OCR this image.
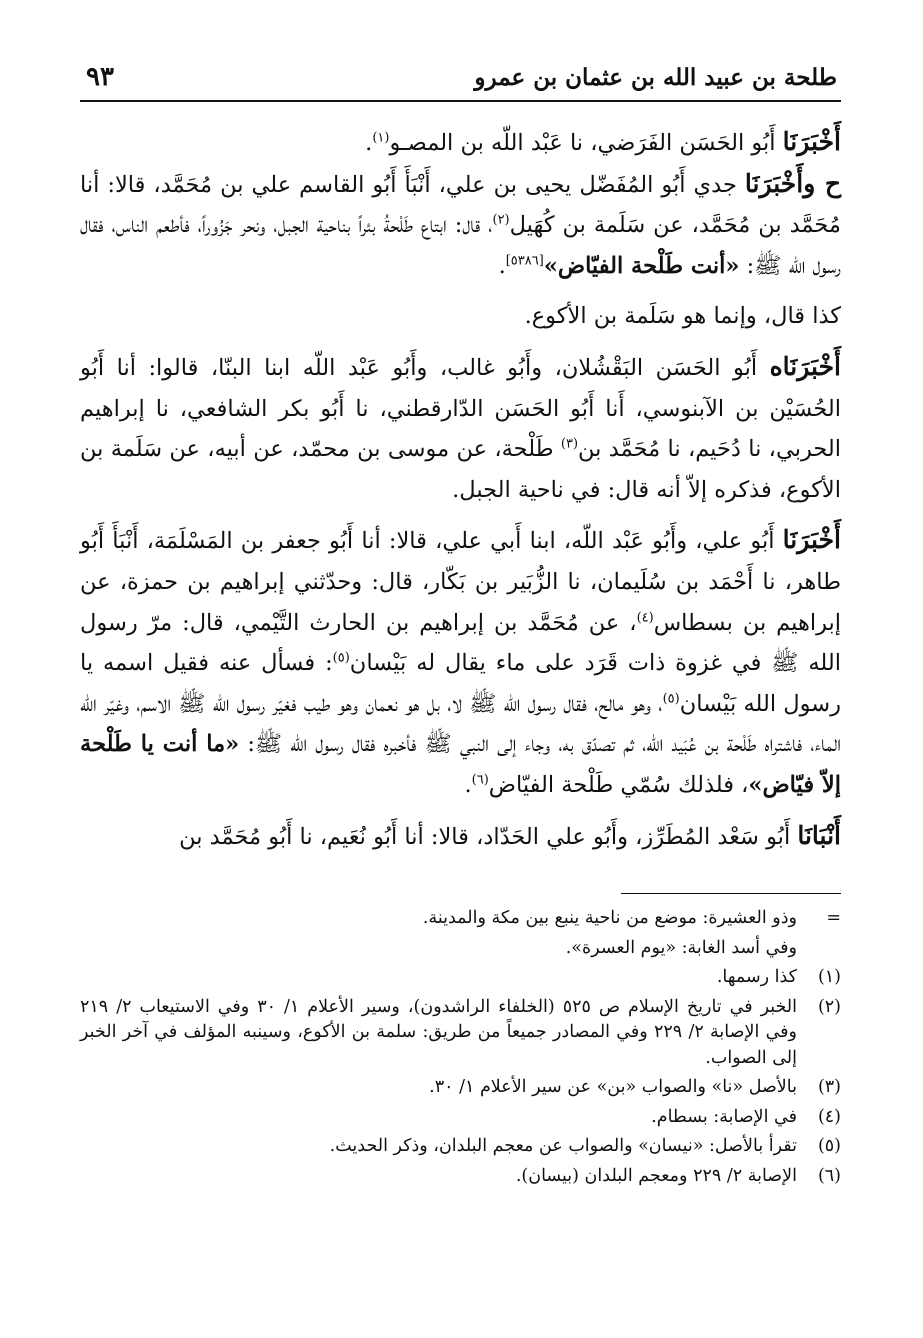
طلحة بن عبيد الله بن عثمان بن عمرو
٩٣

أَخْبَرَنَا أَبُو الحَسَن الفَرَضي، نا عَبْد اللّه بن المصـو$^{(١)}$.

ح وأَخْبَرَنَا جدي أَبُو المُفَضّل يحيى بن علي، أَنْبَأَ أَبُو القاسم علي بن مُحَمَّد، قالا: أنا مُحَمَّد بن مُحَمَّد، عن سَلَمة بن كُهَيل$^{(٢)}$، قال: ابتاع طَلْحةُ بئراً بناحية الجبل، ونحر جَزُوراً، فأطعم الناس، فقال رسول الله ﷺ: «أنت طَلْحة الفيّاض»[٥٣٨٦].

كذا قال، وإنما هو سَلَمة بن الأكوع.

أَخْبَرَنَاه أَبُو الحَسَن البَقْشُلان، وأَبُو غالب، وأَبُو عَبْد اللّه ابنا البنّا، قالوا: أنا أَبُو الحُسَيْن بن الآبنوسي، أَنا أَبُو الحَسَن الدّارقطني، نا أَبُو بكر الشافعي، نا إبراهيم الحربي، نا دُحَيم، نا مُحَمَّد بن$^{(٣)}$ طَلْحة، عن موسى بن محمّد، عن أبيه، عن سَلَمة بن الأكوع، فذكره إلاّ أنه قال: في ناحية الجبل.

أَخْبَرَنَا أَبُو علي، وأَبُو عَبْد اللّه، ابنا أَبي علي، قالا: أنا أَبُو جعفر بن المَسْلَمَة، أَنْبَأَ أَبُو طاهر، نا أَحْمَد بن سُلَيمان، نا الزُّبَير بن بَكّار، قال: وحدّثني إبراهيم بن حمزة، عن إبراهيم بن بسطاس$^{(٤)}$، عن مُحَمَّد بن إبراهيم بن الحارث التَّيْمي، قال: مرّ رسول الله ﷺ في غزوة ذات قَرَد على ماء يقال له بَيْسان$^{(٥)}$: فسأل عنه فقيل اسمه يا رسول الله بَيْسان$^{(٥)}$، وهو مالح، فقال رسول الله ﷺ لا، بل هو نعمان وهو طيب فغيّر رسول الله ﷺ الاسم، وغيّر الله الماء، فاشتراه طَلْحة بن عُبَيد اللّه، ثم تصدّق به، وجاء إلى النبي ﷺ فأخبره فقال رسول الله ﷺ: «ما أنت يا طَلْحة إلاّ فيّاض»، فلذلك سُمّي طَلْحة الفيّاض$^{(٦)}$.

أَنْبَانَا أَبُو سَعْد المُطَرِّز، وأَبُو علي الحَدّاد، قالا: أنا أَبُو نُعَيم، نا أَبُو مُحَمَّد بن

=
وذو العشيرة: موضع من ناحية ينبع بين مكة والمدينة.
وفي أسد الغابة: «يوم العسرة».
(١)
كذا رسمها.
(٢)
الخبر في تاريخ الإسلام ص ٥٢٥ (الخلفاء الراشدون)، وسير الأعلام ١/ ٣٠ وفي الاستيعاب ٢/ ٢١٩ وفي الإصابة ٢/ ٢٢٩ وفي المصادر جميعاً من طريق: سلمة بن الأكوع، وسينبه المؤلف في آخر الخبر إلى الصواب.
(٣)
بالأصل «نا» والصواب «بن» عن سير الأعلام ١/ ٣٠.
(٤)
في الإصابة: بسطام.
(٥)
تقرأ بالأصل: «نيسان» والصواب عن معجم البلدان، وذكر الحديث.
(٦)
الإصابة ٢/ ٢٢٩ ومعجم البلدان (بيسان).
